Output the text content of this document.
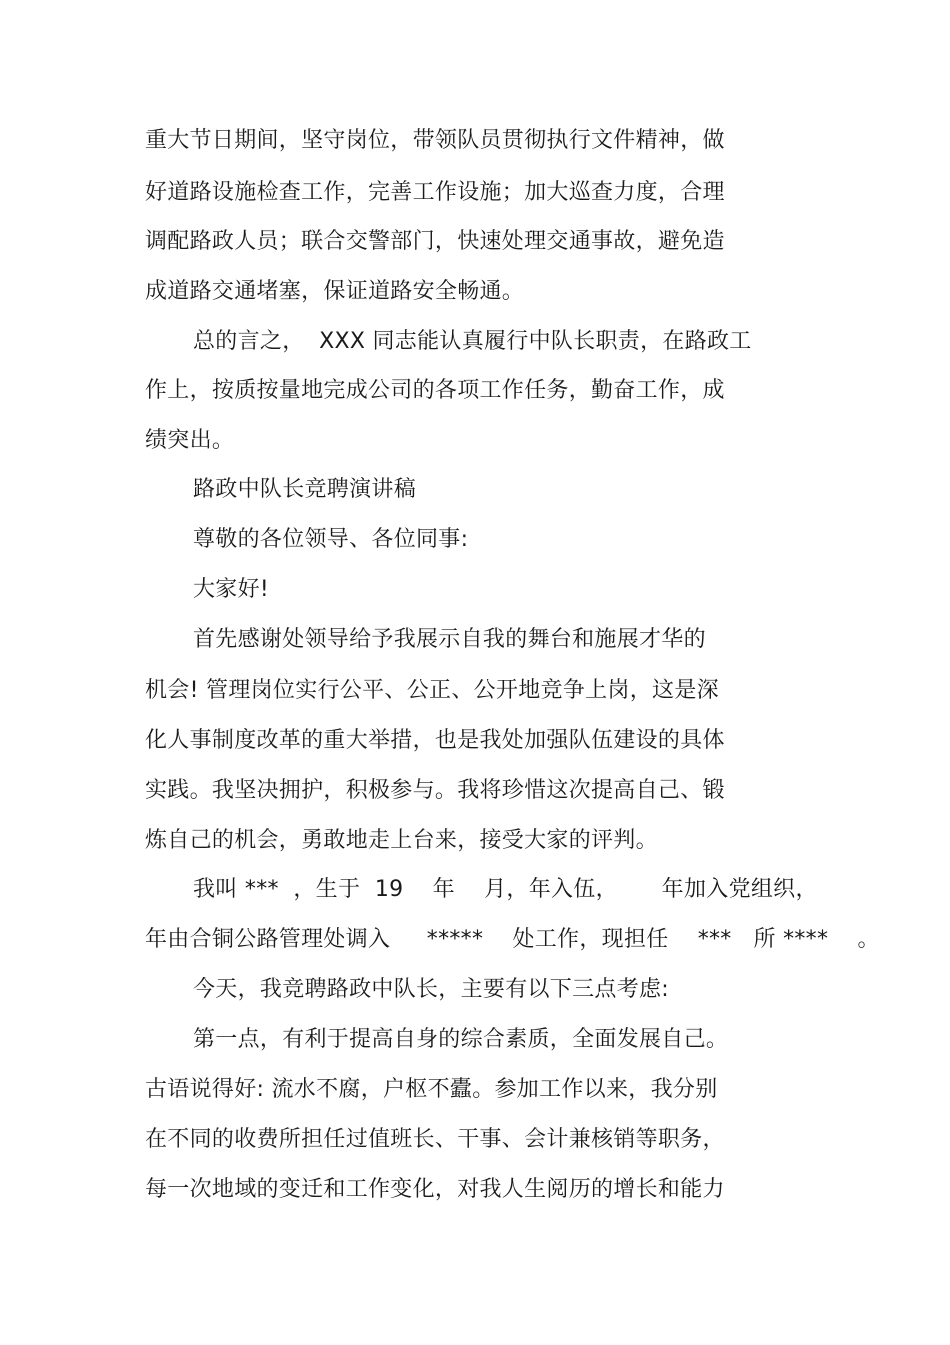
重大节日期间，坚守岗位，带领队员贯彻执行文件精神，做
好道路设施检查工作，完善工作设施；加大巡查力度，合理
调配路政人员；联合交警部门，快速处理交通事故，避免造
成道路交通堵塞，保证道路安全畅通。
总的言之，  XXX 同志能认真履行中队长职责，在路政工
作上，按质按量地完成公司的各项工作任务，勤奋工作，成
绩突出。
路政中队长竞聘演讲稿
尊敬的各位领导、各位同事:
大家好!
首先感谢处领导给予我展示自我的舞台和施展才华的
机会! 管理岗位实行公平、公正、公开地竞争上岗，这是深
化人事制度改革的重大举措，也是我处加强队伍建设的具体
实践。我坚决拥护，积极参与。我将珍惜这次提高自己、锻
炼自己的机会，勇敢地走上台来，接受大家的评判。
我叫 ***  ，生于  19    年    月，年入伍，      年加入党组织，
年由合铜公路管理处调入     *****    处工作，现担任    ***   所 ****    。
今天，我竞聘路政中队长，主要有以下三点考虑:
第一点，有利于提高自身的综合素质，全面发展自己。
古语说得好: 流水不腐，户枢不蠹。参加工作以来，我分别
在不同的收费所担任过值班长、干事、会计兼核销等职务，
每一次地域的变迁和工作变化，对我人生阅历的增长和能力
